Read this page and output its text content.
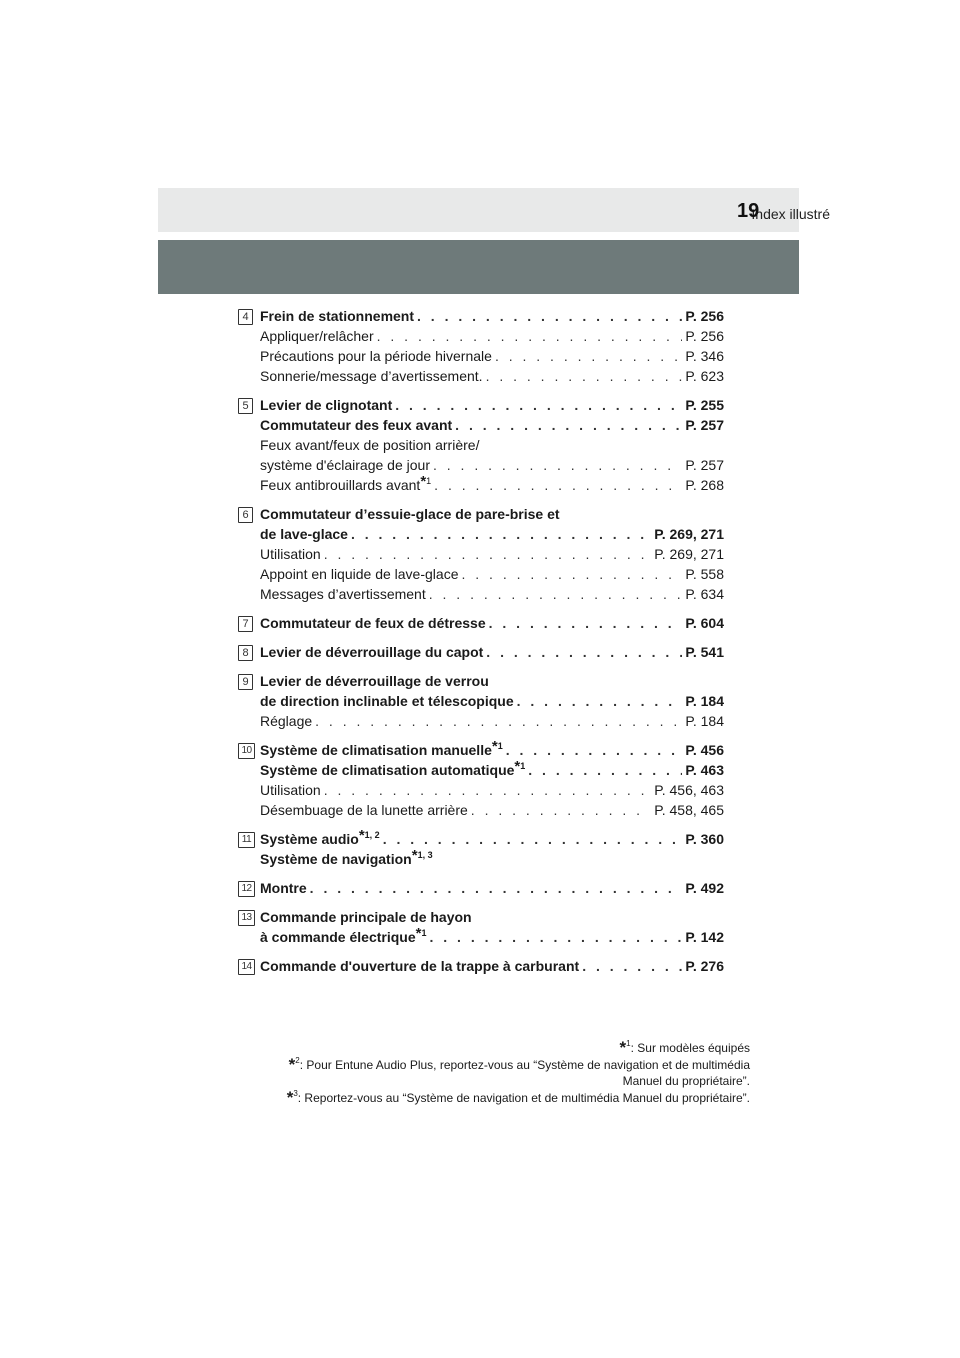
Index illustré
19
4 Frein de stationnement . . .	P. 256
Appliquer/relâcher . . .	P. 256
Précautions pour la période hivernale . . .	P. 346
Sonnerie/message d’avertissement. . . .	P. 623
5 Levier de clignotant . . .	P. 255
Commutateur des feux avant . . .	P. 257
Feux avant/feux de position arrière/
système d'éclairage de jour . . .	P. 257
Feux antibrouillards avant$^{*1}$ . . .	P. 268
6 Commutateur d’essuie-glace de pare-brise et
de lave-glace . . .	P. 269, 271
Utilisation . . .	P. 269, 271
Appoint en liquide de lave-glace . . .	P. 558
Messages d’avertissement . . .	P. 634
7 Commutateur de feux de détresse . . .	P. 604
8 Levier de déverrouillage du capot . . .	P. 541
9 Levier de déverrouillage de verrou
de direction inclinable et télescopique . . .	P. 184
Réglage . . .	P. 184
10 Système de climatisation manuelle$^{*1}$ . . .	P. 456
Système de climatisation automatique$^{*1}$ . . .	P. 463
Utilisation . . .	P. 456, 463
Désembuage de la lunette arrière . . .	P. 458, 465
11 Système audio$^{*1, 2}$ . . .	P. 360
Système de navigation$^{*1, 3}$
12 Montre . . .	P. 492
13 Commande principale de hayon
à commande électrique$^{*1}$ . . .	P. 142
14 Commande d'ouverture de la trappe à carburant . . .	P. 276
*$^1$: Sur modèles équipés
*$^2$: Pour Entune Audio Plus, reportez-vous au “Système de navigation et de multimédia
Manuel du propriétaire”.
*$^3$: Reportez-vous au “Système de navigation et de multimédia Manuel du propriétaire”.
